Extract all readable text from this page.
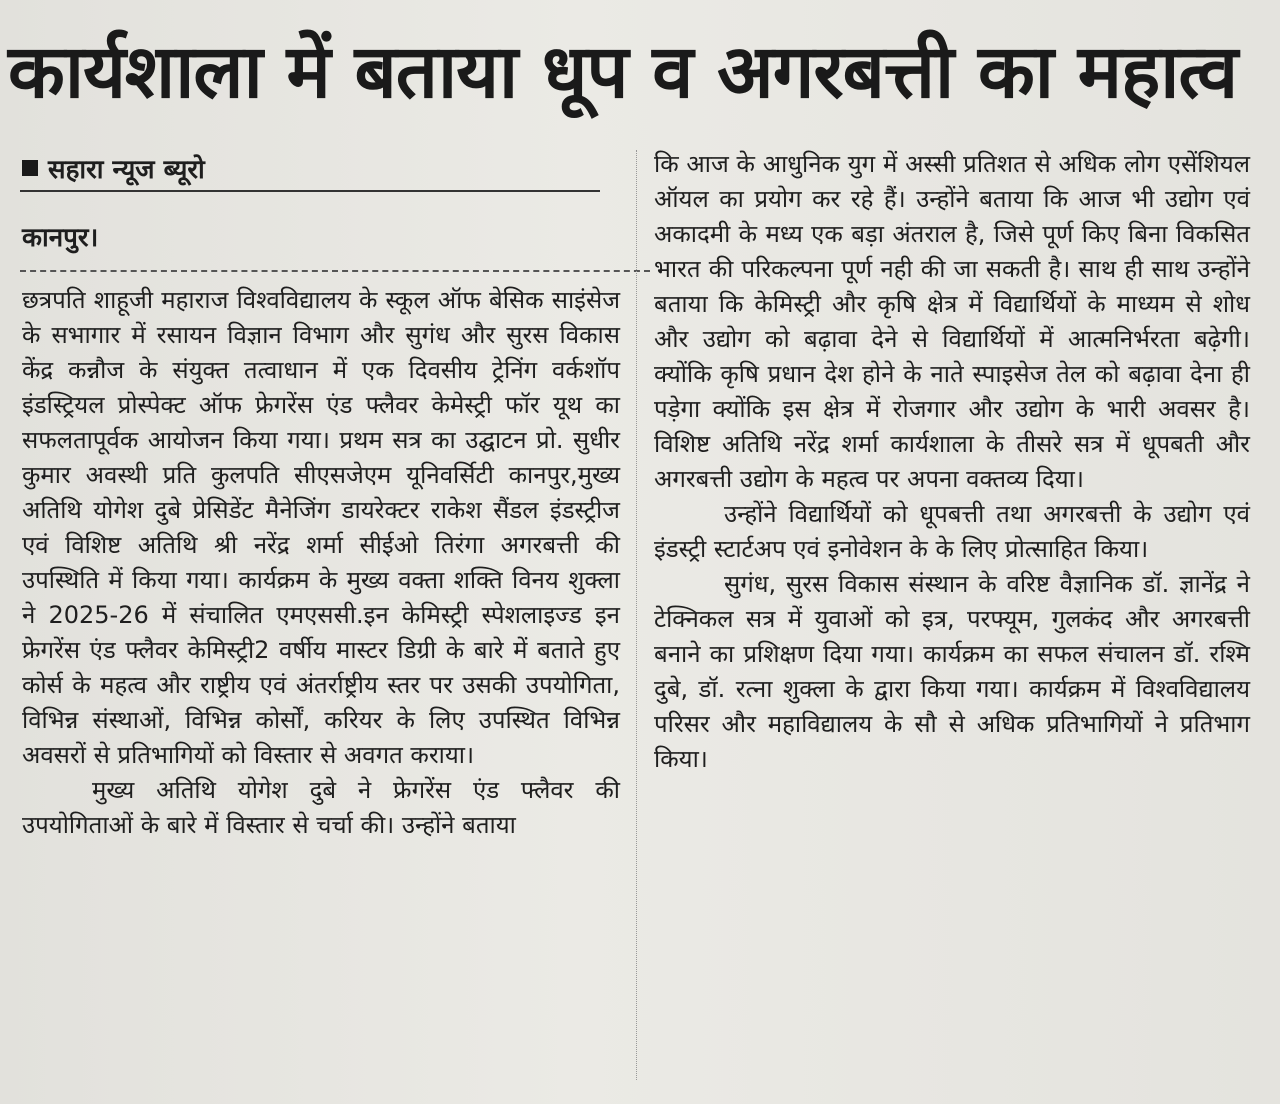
कार्यशाला में बताया धूप व अगरबत्ती का महात्व
सहारा न्यूज ब्यूरो
कानपुर।

छत्रपति शाहूजी महाराज विश्वविद्यालय के स्कूल ऑफ बेसिक साइंसेज के सभागार में रसायन विज्ञान विभाग और सुगंध और सुरस विकास केंद्र कन्नौज के संयुक्त तत्वाधान में एक दिवसीय ट्रेनिंग वर्कशॉप इंडस्ट्रियल प्रोस्पेक्ट ऑफ फ्रेगरेंस एंड फ्लैवर केमेस्ट्री फॉर यूथ का सफलतापूर्वक आयोजन किया गया। प्रथम सत्र का उद्घाटन प्रो. सुधीर कुमार अवस्थी प्रति कुलपति सीएसजेएम यूनिवर्सिटी कानपुर,मुख्य अतिथि योगेश दुबे प्रेसिडेंट मैनेजिंग डायरेक्टर राकेश सैंडल इंडस्ट्रीज एवं विशिष्ट अतिथि श्री नरेंद्र शर्मा सीईओ तिरंगा अगरबत्ती की उपस्थिति में किया गया। कार्यक्रम के मुख्य वक्ता शक्ति विनय शुक्ला ने 2025-26 में संचालित एमएससी.इन केमिस्ट्री स्पेशलाइज्ड इन फ्रेगरेंस एंड फ्लैवर केमिस्ट्री2 वर्षीय मास्टर डिग्री के बारे में बताते हुए कोर्स के महत्व और राष्ट्रीय एवं अंतर्राष्ट्रीय स्तर पर उसकी उपयोगिता, विभिन्न संस्थाओं, विभिन्न कोर्सों, करियर के लिए उपस्थित विभिन्न अवसरों से प्रतिभागियों को विस्तार से अवगत कराया।

मुख्य अतिथि योगेश दुबे ने फ्रेगरेंस एंड फ्लैवर की उपयोगिताओं के बारे में विस्तार से चर्चा की। उन्होंने बताया

कि आज के आधुनिक युग में अस्सी प्रतिशत से अधिक लोग एसेंशियल ऑयल का प्रयोग कर रहे हैं। उन्होंने बताया कि आज भी उद्योग एवं अकादमी के मध्य एक बड़ा अंतराल है, जिसे पूर्ण किए बिना विकसित भारत की परिकल्पना पूर्ण नही की जा सकती है। साथ ही साथ उन्होंने बताया कि केमिस्ट्री और कृषि क्षेत्र में विद्यार्थियों के माध्यम से शोध और उद्योग को बढ़ावा देने से विद्यार्थियों में आत्मनिर्भरता बढ़ेगी। क्योंकि कृषि प्रधान देश होने के नाते स्पाइसेज तेल को बढ़ावा देना ही पड़ेगा क्योंकि इस क्षेत्र में रोजगार और उद्योग के भारी अवसर है। विशिष्ट अतिथि नरेंद्र शर्मा कार्यशाला के तीसरे सत्र में धूपबती और अगरबत्ती उद्योग के महत्व पर अपना वक्तव्य दिया।

उन्होंने विद्यार्थियों को धूपबत्ती तथा अगरबत्ती के उद्योग एवं इंडस्ट्री स्टार्टअप एवं इनोवेशन के के लिए प्रोत्साहित किया।

सुगंध, सुरस विकास संस्थान के वरिष्ट वैज्ञानिक डॉ. ज्ञानेंद्र ने टेक्निकल सत्र में युवाओं को इत्र, परफ्यूम, गुलकंद और अगरबत्ती बनाने का प्रशिक्षण दिया गया। कार्यक्रम का सफल संचालन डॉ. रश्मि दुबे, डॉ. रत्ना शुक्ला के द्वारा किया गया। कार्यक्रम में विश्वविद्यालय परिसर और महाविद्यालय के सौ से अधिक प्रतिभागियों ने प्रतिभाग किया।
